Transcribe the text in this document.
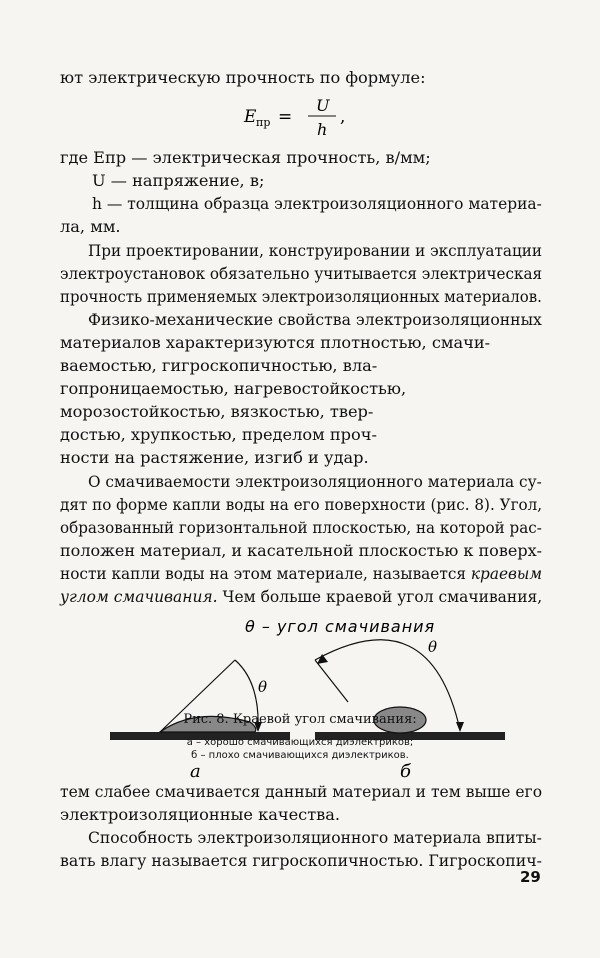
ют электрическую прочность по формуле:

E пр =
U
h
,

где Eпр — электрическая прочность, в/мм;

U — напряжение, в;

h — толщина образца электроизоляционного материа-

ла, мм.

При проектировании, конструировании и эксплуатации

электроустановок обязательно учитывается электрическая

прочность применяемых электроизоляционных материалов.

Физико-механические свойства электроизоляционных

материалов характеризуются плотностью, смачи-

ваемостью, гигроскопичностью, вла-

гопроницаемостью, нагревостойкостью,

морозостойкостью, вязкостью, твер-

достью, хрупкостью, пределом проч-

ности на растяжение, изгиб и удар.

О смачиваемости электроизоляционного материала су-

дят по форме капли воды на его поверхности (рис. 8). Угол,

образованный горизонтальной плоскостью, на которой рас-

положен материал, и касательной плоскостью к поверх-

ности капли воды на этом материале, называется краевым

углом смачивания. Чем больше краевой угол смачивания,

θ – угол смачивания
θ
а
θ
б
Рис. 8. Краевой угол смачивания:
а – хорошо смачивающихся диэлектриков;
б – плохо смачивающихся диэлектриков.

тем слабее смачивается данный материал и тем выше его

электроизоляционные качества.

Способность электроизоляционного материала впиты-

вать влагу называется гигроскопичностью. Гигроскопич-

29
